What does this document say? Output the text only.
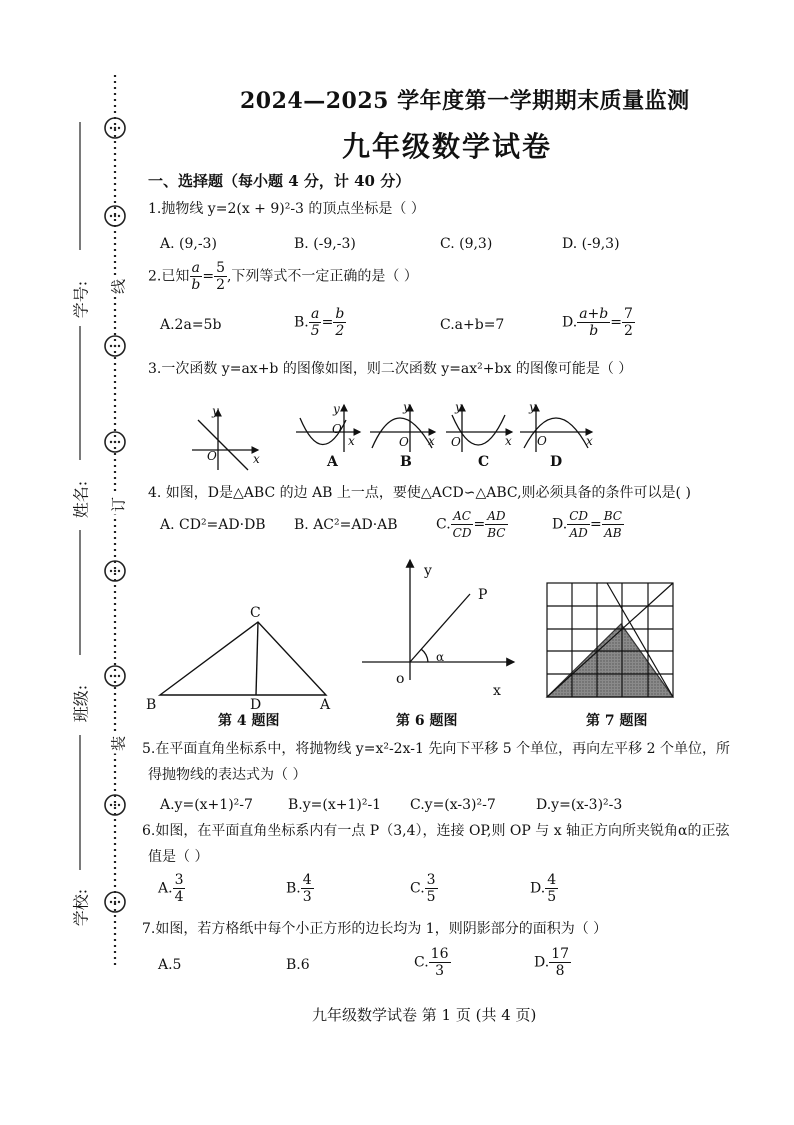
学号:
姓名:
班级:
学校:
线
订
装
2024—2025 学年度第一学期期末质量监测
九年级数学试卷
一、选择题（每小题 4 分，计 40 分）
1.抛物线 y=2(x + 9)²-3 的顶点坐标是（ ）
A. (9,-3)	B. (-9,-3)	C. (9,3)	D. (-9,3)
2.已知 $\frac{a}{b} = \frac{5}{2}$ ,下列等式不一定正确的是（ ）
A.2a=5b	B. $\frac{a}{5} = \frac{b}{2}$	C.a+b=7	D. $\frac{a+b}{b} = \frac{7}{2}$
3.一次函数 y=ax+b 的图像如图，则二次函数 y=ax²+bx 的图像可能是（ ）
y
x
O
y
O
x
y
O x
y
O	x
y
O	x
A	B	C	D
4. 如图，D是△ABC 的边 AB 上一点，要使△ACD∽△ABC,则必须具备的条件可以是( )
A. CD²=AD·DB B. AC²=AD·AB	C. $\frac{AC}{CD} = \frac{AD}{BC}$	D. $\frac{CD}{AD} = \frac{BC}{AB}$
C
B	D	A
第 4 题图
y
P
α
o
x
第 6 题图	第 7 题图
5.在平面直角坐标系中，将抛物线 y=x²-2x-1 先向下平移 5 个单位，再向左平移 2 个单位，所
得抛物线的表达式为（ ）
A.y=(x+1)²-7	B.y=(x+1)²-1 C.y=(x-3)²-7	D.y=(x-3)²-3
6.如图，在平面直角坐标系内有一点 P（3,4），连接 OP,则 OP 与 x 轴正方向所夹锐角α的正弦
值是（ ）
A. $\frac{3}{4}$	B. $\frac{4}{3}$	C. $\frac{3}{5}$	D. $\frac{4}{5}$
7.如图，若方格纸中每个小正方形的边长均为 1，则阴影部分的面积为（ ）
A.5	B.6	C. $\frac{16}{3}$	D. $\frac{17}{8}$
九年级数学试卷 第 1 页 (共 4 页)
